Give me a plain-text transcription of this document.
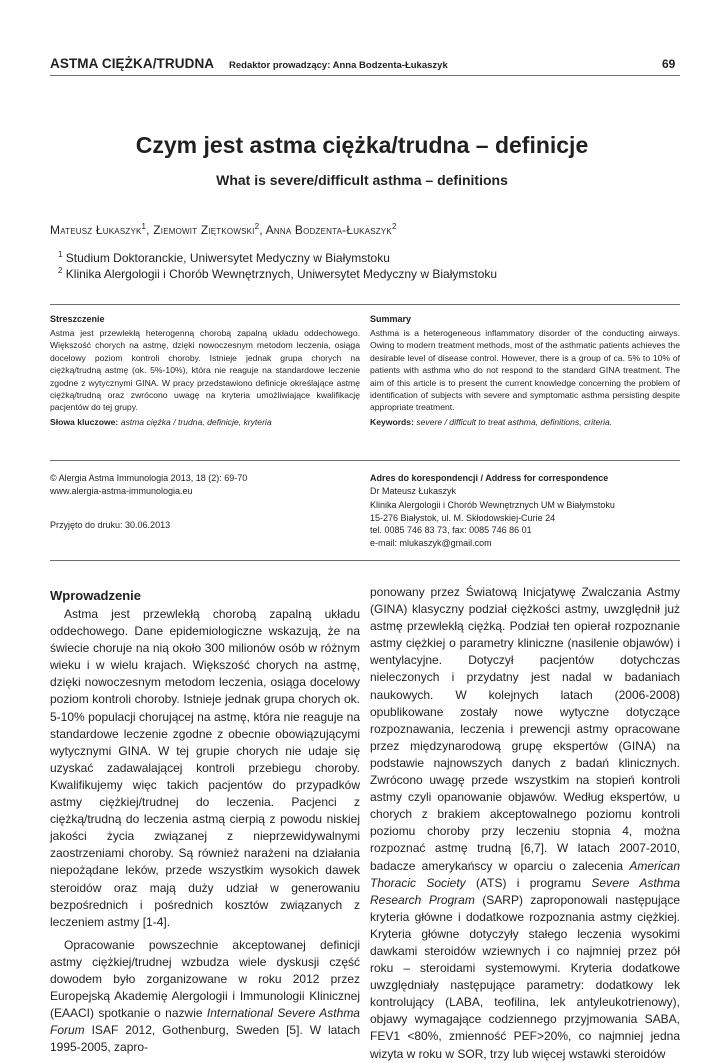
ASTMA CIĘŻKA/TRUDNA Redaktor prowadzący: Anna Bodzenta-Łukaszyk	69
Czym jest astma ciężka/trudna – definicje
What is severe/difficult asthma – definitions
Mateusz Łukaszyk$^1$, Ziemowit Ziętkowski$^2$, Anna Bodzenta-Łukaszyk$^2$
$^1$ Studium Doktoranckie, Uniwersytet Medyczny w Białymstoku
$^2$ Klinika Alergologii i Chorób Wewnętrznych, Uniwersytet Medyczny w Białymstoku
Streszczenie

Astma jest przewlekłą heterogenną chorobą zapalną układu oddechowego. Większość chorych na astmę, dzięki nowoczesnym metodom leczenia, osiąga docelowy poziom kontroli choroby. Istnieje jednak grupa chorych na ciężką/trudną astmę (ok. 5%-10%), która nie reaguje na standardowe leczenie zgodne z wytycznymi GINA. W pracy przedstawiono definicje określające astmę ciężką/trudną oraz zwrócono uwagę na kryteria umożliwiające kwalifikację pacjentów do tej grupy.

Słowa kluczowe: astma ciężka / trudna, definicje, kryteria

Summary

Asthma is a heterogeneous inflammatory disorder of the conducting airways. Owing to modern treatment methods, most of the asthmatic patients achieves the desirable level of disease control. However, there is a group of ca. 5% to 10% of patients with asthma who do not respond to the standard GINA treatment. The aim of this article is to present the current knowledge concerning the problem of identification of subjects with severe and symptomatic asthma persisting despite appropriate treatment.

Keywords: severe / difficult to treat asthma, definitions, criteria.

© Alergia Astma Immunologia 2013, 18 (2): 69-70
www.alergia-astma-immunologia.eu
Przyjęto do druku: 30.06.2013
Adres do korespondencji / Address for correspondence
Dr Mateusz Łukaszyk
Klinika Alergologii i Chorób Wewnętrznych UM w Białymstoku
15-276 Białystok, ul. M. Skłodowskiej-Curie 24
tel. 0085 746 83 73, fax: 0085 746 86 01
e-mail: mlukaszyk@gmail.com
Wprowadzenie

Astma jest przewlekłą chorobą zapalną układu oddechowego. Dane epidemiologiczne wskazują, że na świecie choruje na nią około 300 milionów osób w różnym wieku i w wielu krajach. Większość chorych na astmę, dzięki nowoczesnym metodom leczenia, osiąga docelowy poziom kontroli choroby. Istnieje jednak grupa chorych ok. 5-10% populacji chorującej na astmę, która nie reaguje na standardowe leczenie zgodne z obecnie obowiązującymi wytycznymi GINA. W tej grupie chorych nie udaje się uzyskać zadawalającej kontroli przebiegu choroby. Kwalifikujemy więc takich pacjentów do przypadków astmy ciężkiej/trudnej do leczenia. Pacjenci z ciężką/trudną do leczenia astmą cierpią z powodu niskiej jakości życia związanej z nieprzewidywalnymi zaostrzeniami choroby. Są również narażeni na działania niepożądane leków, przede wszystkim wysokich dawek steroidów oraz mają duży udział w generowaniu bezpośrednich i pośrednich kosztów związanych z leczeniem astmy [1-4].

Opracowanie powszechnie akceptowanej definicji astmy ciężkiej/trudnej wzbudza wiele dyskusji część dowodem było zorganizowane w roku 2012 przez Europejską Akademię Alergologii i Immunologii Klinicznej (EAACI) spotkanie o nazwie International Severe Asthma Forum ISAF 2012, Gothenburg, Sweden [5]. W latach 1995-2005, zapro-

ponowany przez Światową Inicjatywę Zwalczania Astmy (GINA) klasyczny podział ciężkości astmy, uwzględnił już astmę przewlekłą ciężką. Podział ten opierał rozpoznanie astmy ciężkiej o parametry kliniczne (nasilenie objawów) i wentylacyjne. Dotyczył pacjentów dotychczas nieleczonych i przydatny jest nadal w badaniach naukowych. W kolejnych latach (2006-2008) opublikowane zostały nowe wytyczne dotyczące rozpoznawania, leczenia i prewencji astmy opracowane przez międzynarodową grupę ekspertów (GINA) na podstawie najnowszych danych z badań klinicznych. Zwrócono uwagę przede wszystkim na stopień kontroli astmy czyli opanowanie objawów. Według ekspertów, u chorych z brakiem akceptowalnego poziomu kontroli poziomu choroby przy leczeniu stopnia 4, można rozpoznać astmę trudną [6,7]. W latach 2007-2010, badacze amerykańscy w oparciu o zalecenia American Thoracic Society (ATS) i programu Severe Asthma Research Program (SARP) zaproponowali następujące kryteria główne i dodatkowe rozpoznania astmy ciężkiej. Kryteria główne dotyczyły stałego leczenia wysokimi dawkami steroidów wziewnych i co najmniej przez pół roku – steroidami systemowymi. Kryteria dodatkowe uwzględniały następujące parametry: dodatkowy lek kontrolujący (LABA, teofilina, lek antyleukotrienowy), objawy wymagające codziennego przyjmowania SABA, FEV1 <80%, zmienność PEF>20%, co najmniej jedna wizyta w roku w SOR, trzy lub więcej wstawki steroidów
